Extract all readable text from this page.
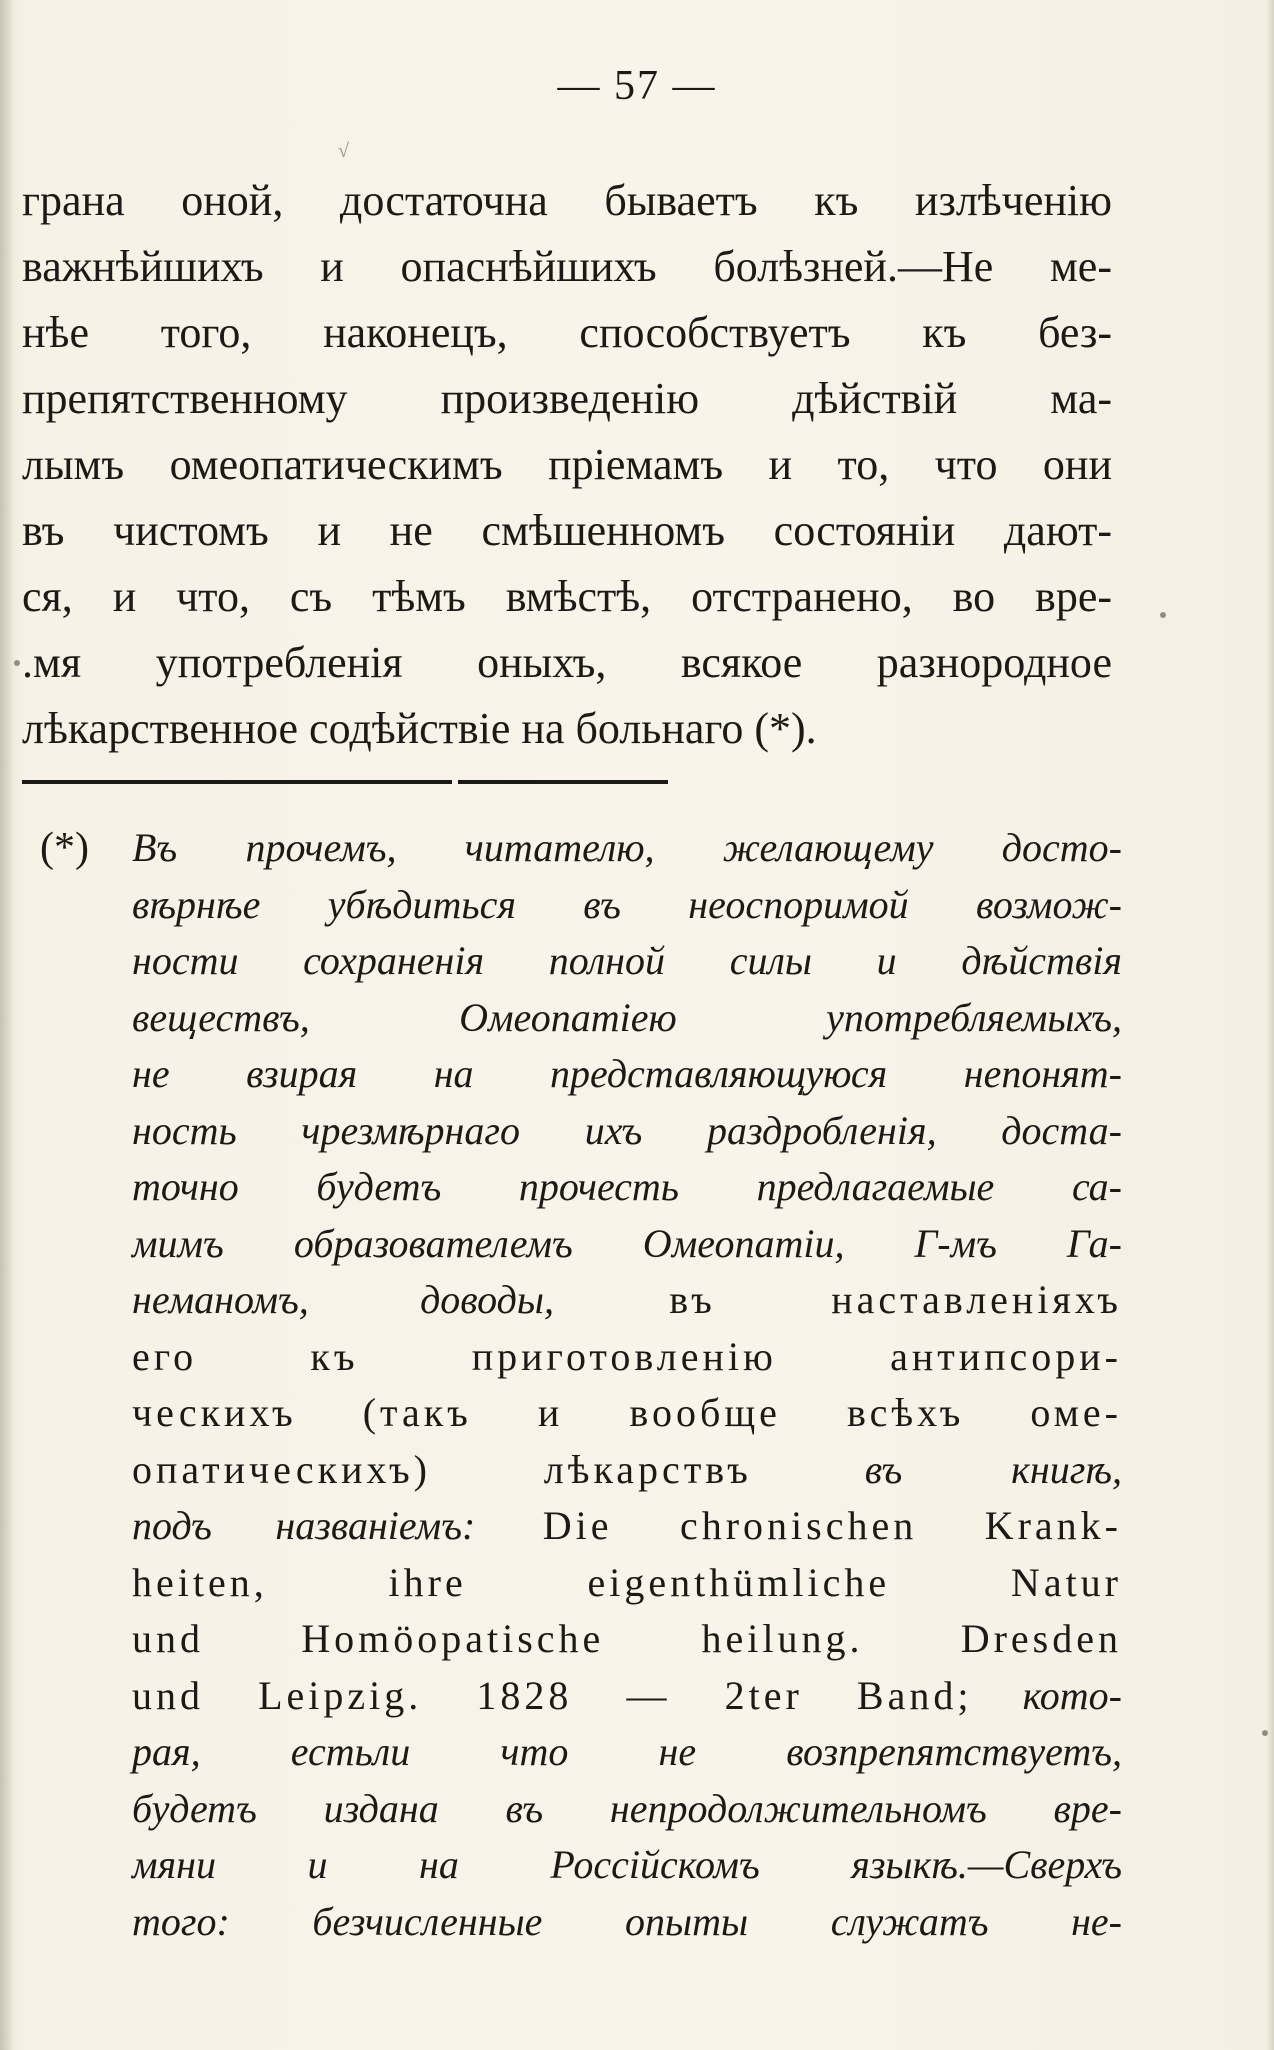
— 57 —
√
грана оной, достаточна бываетъ къ излѣченію
важнѣйшихъ и опаснѣйшихъ болѣзней.—Не ме-
нѣе того, наконецъ, способствуетъ къ без-
препятственному произведенію дѣйствій ма-
лымъ омеопатическимъ пріемамъ и то, что они
въ чистомъ и не смѣшенномъ состояніи дают-
ся, и что, съ тѣмъ вмѣстѣ, отстранено, во вре-
.мя употребленія оныхъ, всякое разнородное
лѣкарственное содѣйствіе на больнаго (*).
(*) Въ прочемъ, читателю, желающему досто-
вѣрнѣе убѣдиться въ неоспоримой возмож-
ности сохраненія полной силы и дѣйствія
веществъ, Омеопатіею употребляемыхъ,
не взирая на представляющуюся непонят-
ность чрезмѣрнаго ихъ раздробленія, доста-
точно будетъ прочесть предлагаемые са-
мимъ образователемъ Омеопатіи, Г-мъ Га-
неманомъ, доводы, въ наставленіяхъ
его къ приготовленію антипсори-
ческихъ (такъ и вообще всѣхъ оме-
опатическихъ) лѣкарствъ въ книгѣ,
подъ названіемъ: Die chronischen Krank-
heiten, ihre eigenthümliche Natur
und Homöopatische heilung. Dresden
und Leipzig. 1828 — 2ter Band; кото-
рая, естьли что не возпрепятствуетъ,
будетъ издана въ непродолжительномъ вре-
мяни и на Россійскомъ языкѣ.—Сверхъ
того: безчисленные опыты служатъ не-
